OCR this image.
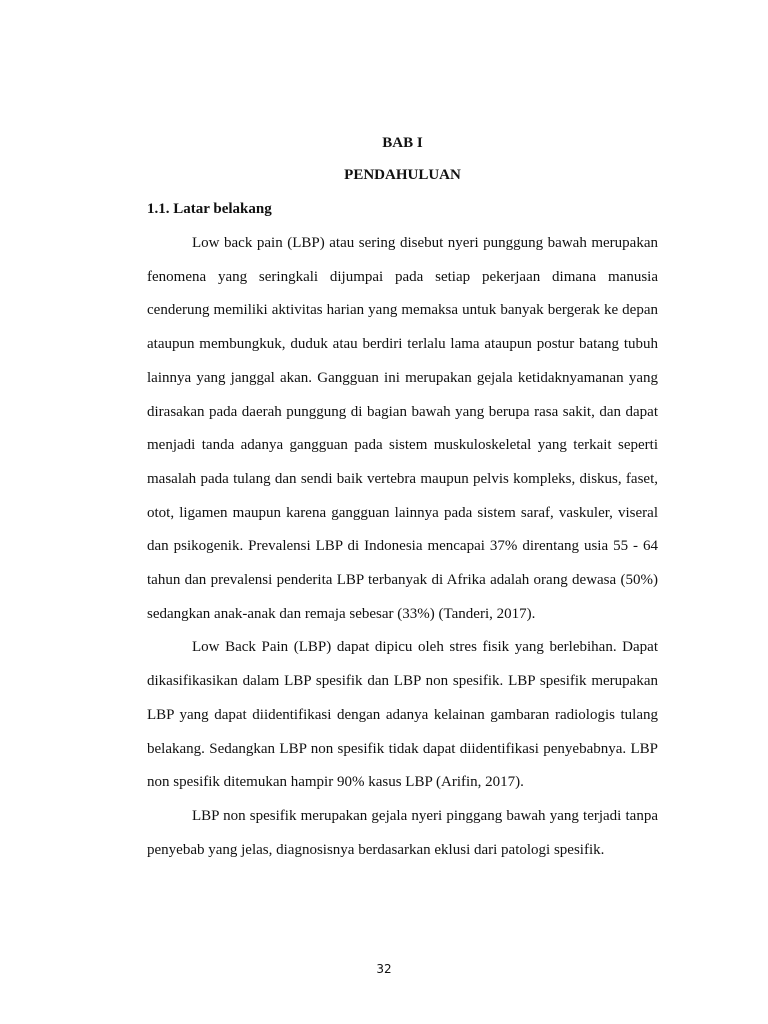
BAB I
PENDAHULUAN
1.1. Latar belakang

Low back pain (LBP) atau sering disebut nyeri punggung bawah merupakan fenomena yang seringkali dijumpai pada setiap pekerjaan dimana manusia cenderung memiliki aktivitas harian yang memaksa untuk banyak bergerak ke depan ataupun membungkuk, duduk atau berdiri terlalu lama ataupun postur batang tubuh lainnya yang janggal akan. Gangguan ini merupakan gejala ketidaknyamanan yang dirasakan pada daerah punggung di bagian bawah yang berupa rasa sakit, dan dapat menjadi tanda adanya gangguan pada sistem muskuloskeletal yang terkait seperti masalah pada tulang dan sendi baik vertebra maupun pelvis kompleks, diskus, faset, otot, ligamen maupun karena gangguan lainnya pada sistem saraf, vaskuler, viseral dan psikogenik. Prevalensi LBP di Indonesia mencapai 37% direntang usia 55 - 64 tahun dan prevalensi penderita LBP terbanyak di Afrika adalah orang dewasa (50%) sedangkan anak-anak dan remaja sebesar (33%) (Tanderi, 2017).

Low Back Pain (LBP) dapat dipicu oleh stres fisik yang berlebihan. Dapat dikasifikasikan dalam LBP spesifik dan LBP non spesifik. LBP spesifik merupakan LBP yang dapat diidentifikasi dengan adanya kelainan gambaran radiologis tulang belakang. Sedangkan LBP non spesifik tidak dapat diidentifikasi penyebabnya. LBP non spesifik ditemukan hampir 90% kasus LBP (Arifin, 2017).

LBP non spesifik merupakan gejala nyeri pinggang bawah yang terjadi tanpa penyebab yang jelas, diagnosisnya berdasarkan eklusi dari patologi spesifik.

32
